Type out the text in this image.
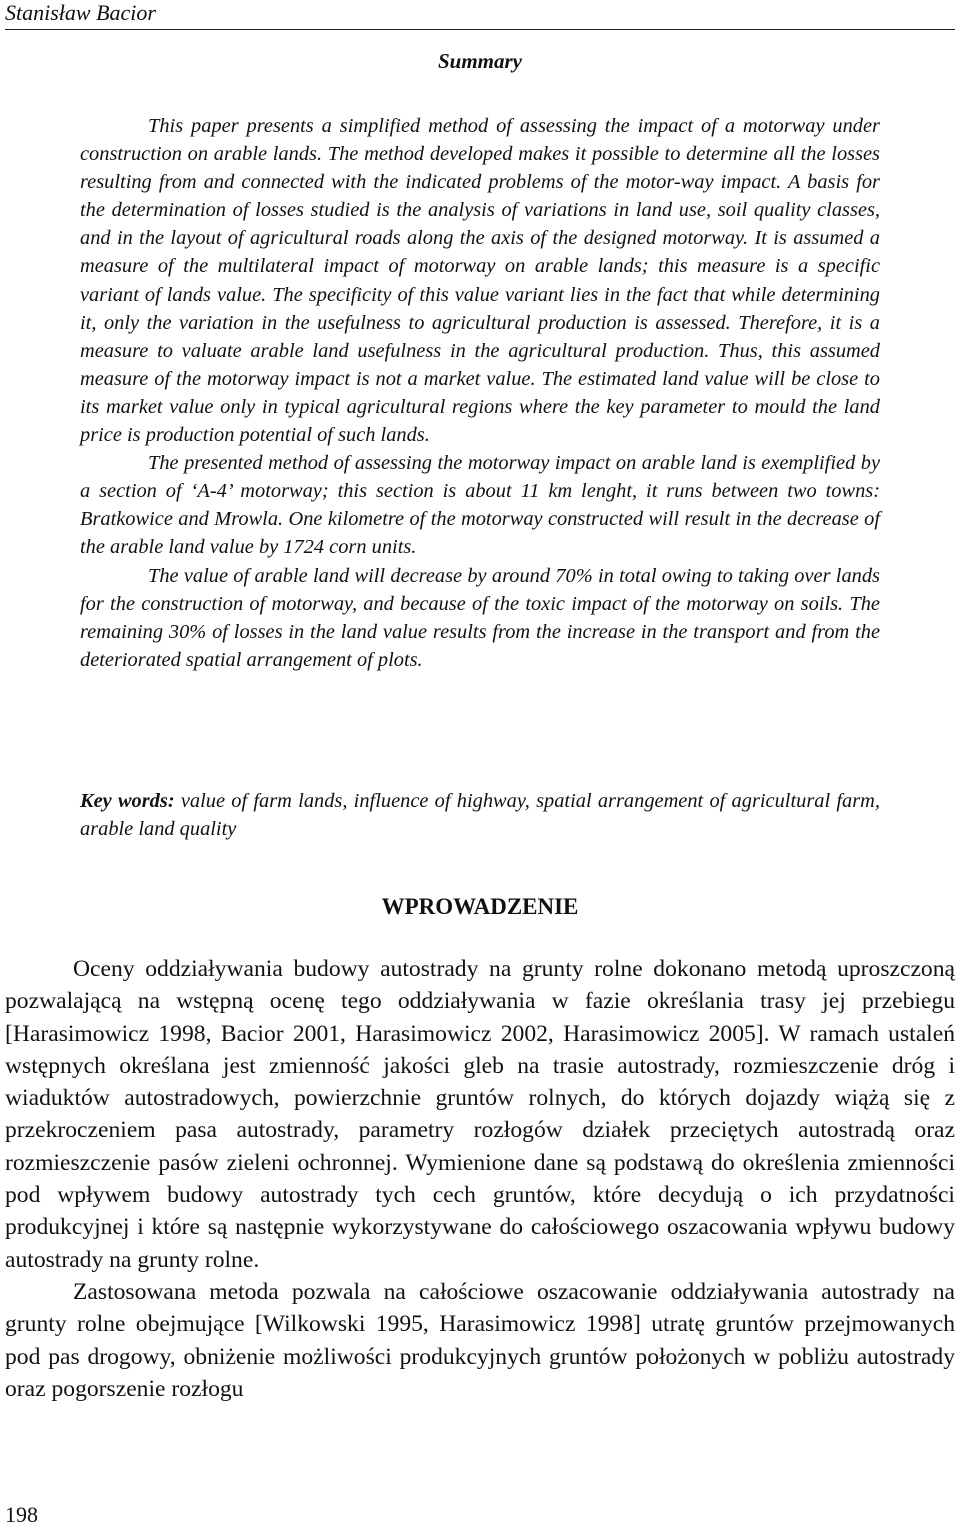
Stanisław Bacior
Summary

This paper presents a simplified method of assessing the impact of a motorway under construction on arable lands. The method developed makes it possible to determine all the losses resulting from and connected with the indicated problems of the motor-way impact. A basis for the determination of losses studied is the analysis of variations in land use, soil quality classes, and in the layout of agricultural roads along the axis of the designed motorway. It is assumed a measure of the multilateral impact of motorway on arable lands; this measure is a specific variant of lands value. The specificity of this value variant lies in the fact that while determining it, only the variation in the usefulness to agricultural production is assessed. Therefore, it is a measure to valuate arable land usefulness in the agricultural production. Thus, this assumed measure of the motorway impact is not a market value. The estimated land value will be close to its market value only in typical agricultural regions where the key parameter to mould the land price is production potential of such lands.

The presented method of assessing the motorway impact on arable land is exemplified by a section of ‘A-4’ motorway; this section is about 11 km lenght, it runs between two towns: Bratkowice and Mrowla. One kilometre of the motorway constructed will result in the decrease of the arable land value by 1724 corn units.

The value of arable land will decrease by around 70% in total owing to taking over lands for the construction of motorway, and because of the toxic impact of the motorway on soils. The remaining 30% of losses in the land value results from the increase in the transport and from the deteriorated spatial arrangement of plots.

Key words: value of farm lands, influence of highway, spatial arrangement of agricultural farm, arable land quality
WPROWADZENIE

Oceny oddziaływania budowy autostrady na grunty rolne dokonano metodą uproszczoną pozwalającą na wstępną ocenę tego oddziaływania w fazie określania trasy jej przebiegu [Harasimowicz 1998, Bacior 2001, Harasimowicz 2002, Harasimowicz 2005]. W ramach ustaleń wstępnych określana jest zmienność jakości gleb na trasie autostrady, rozmieszczenie dróg i wiaduktów autostradowych, powierzchnie gruntów rolnych, do których dojazdy wiążą się z przekroczeniem pasa autostrady, parametry rozłogów działek przeciętych autostradą oraz rozmieszczenie pasów zieleni ochronnej. Wymienione dane są podstawą do określenia zmienności pod wpływem budowy autostrady tych cech gruntów, które decydują o ich przydatności produkcyjnej i które są następnie wykorzystywane do całościowego oszacowania wpływu budowy autostrady na grunty rolne.

Zastosowana metoda pozwala na całościowe oszacowanie oddziaływania autostrady na grunty rolne obejmujące [Wilkowski 1995, Harasimowicz 1998] utratę gruntów przejmowanych pod pas drogowy, obniżenie możliwości produkcyjnych gruntów położonych w pobliżu autostrady oraz pogorszenie rozłogu

198
